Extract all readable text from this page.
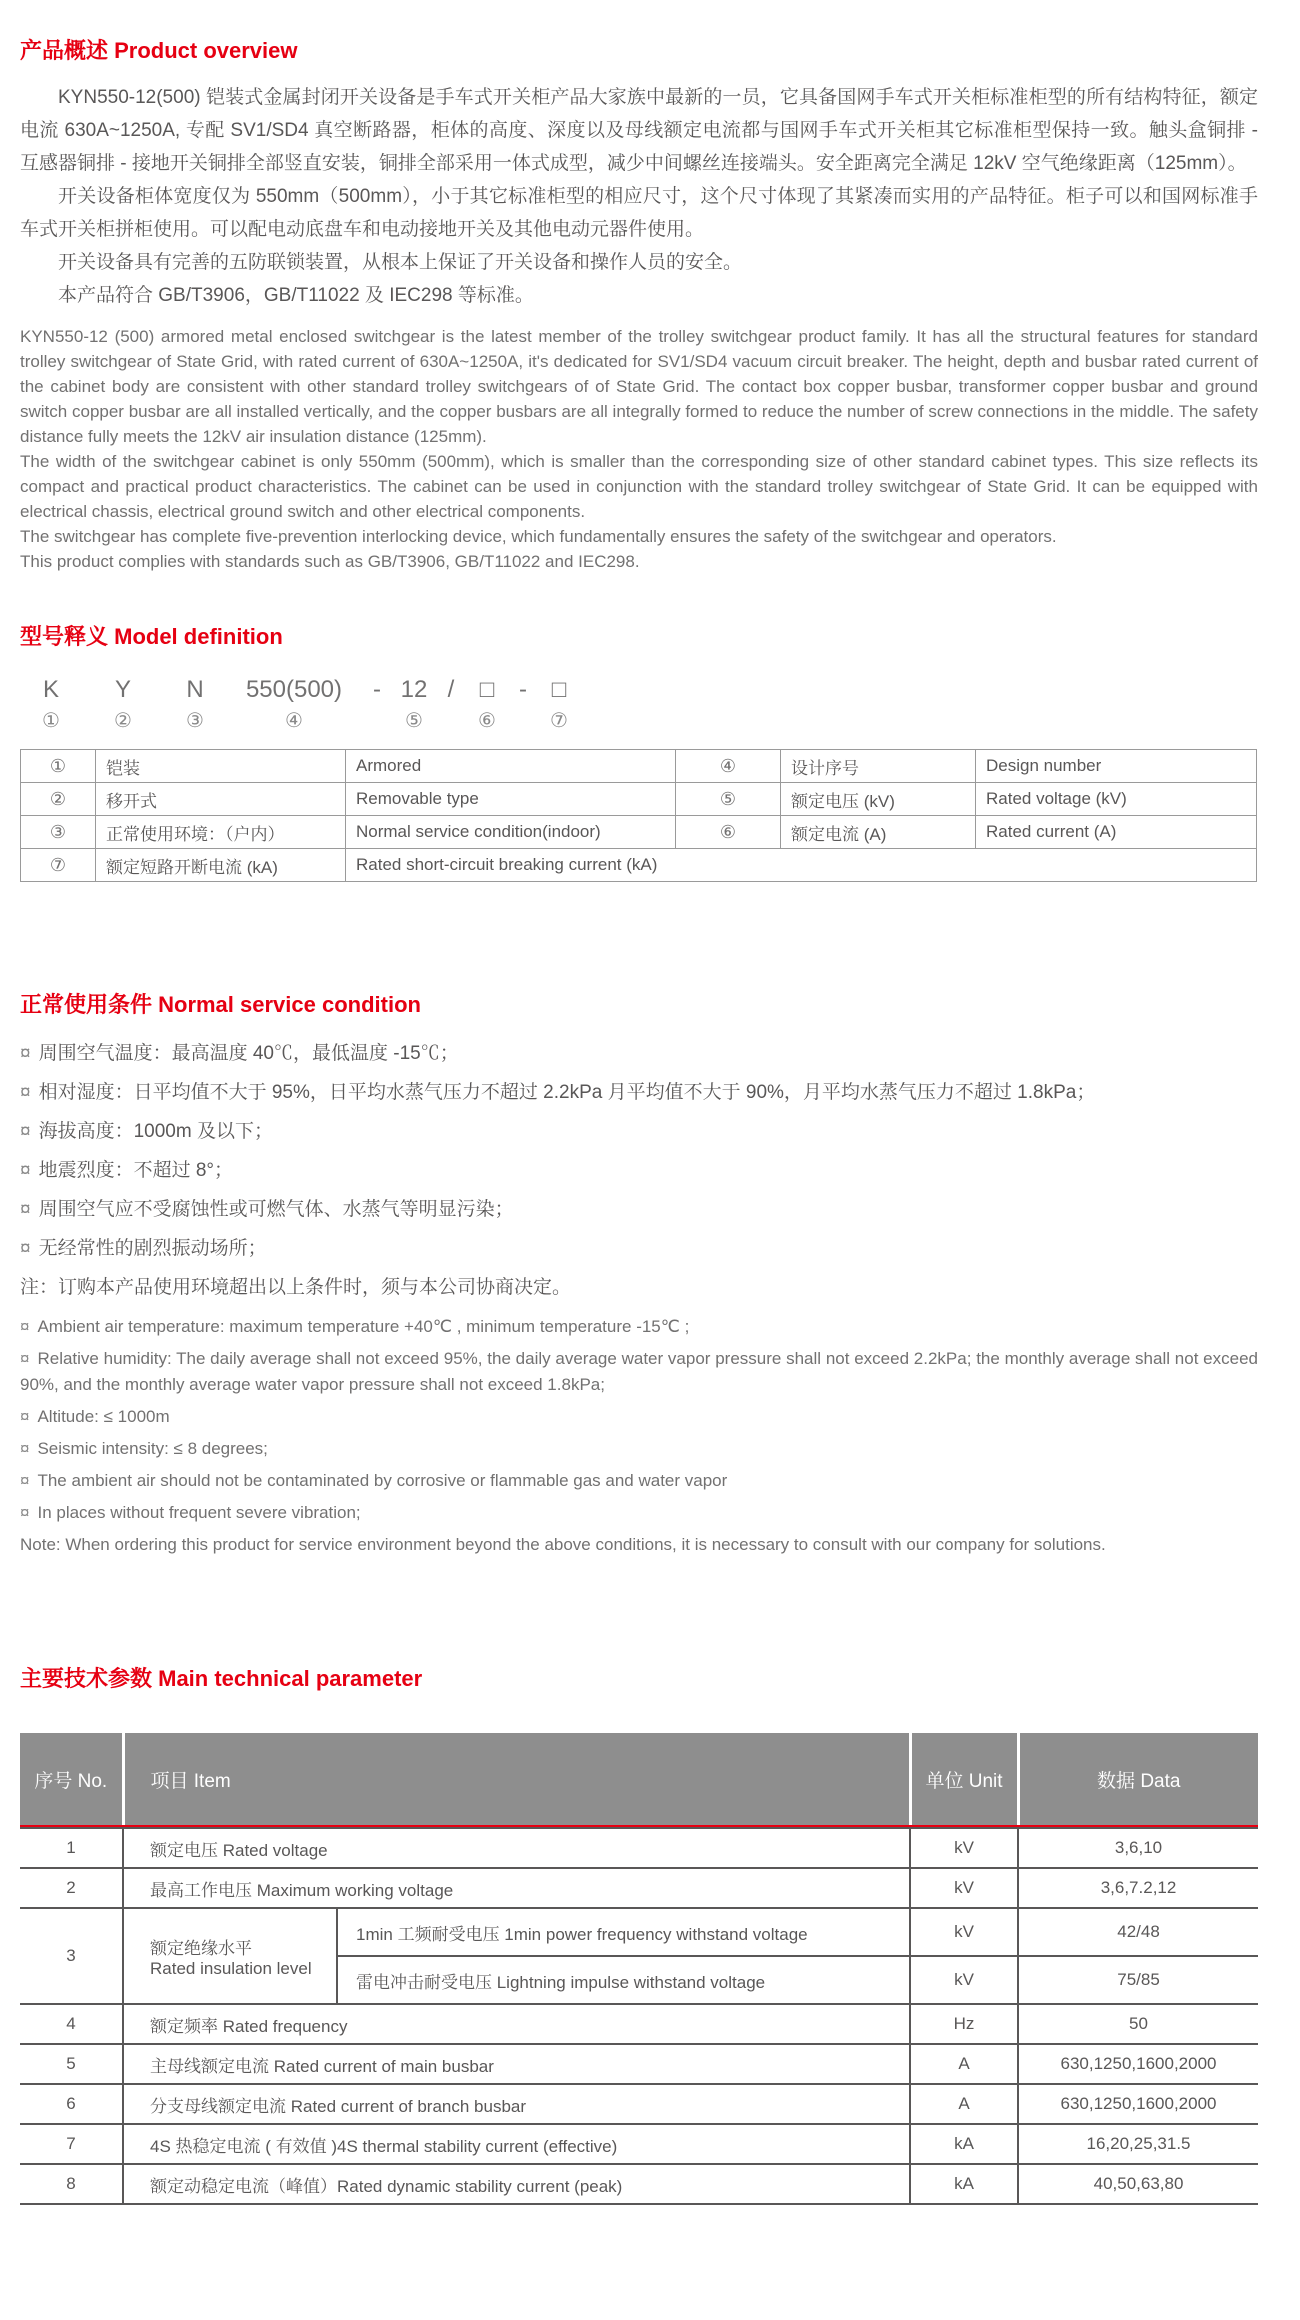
产品概述 Product overview

KYN550-12(500) 铠装式金属封闭开关设备是手车式开关柜产品大家族中最新的一员，它具备国网手车式开关柜标准柜型的所有结构特征，额定电流 630A~1250A, 专配 SV1/SD4 真空断路器，柜体的高度、深度以及母线额定电流都与国网手车式开关柜其它标准柜型保持一致。触头盒铜排 - 互感器铜排 - 接地开关铜排全部竖直安装，铜排全部采用一体式成型，减少中间螺丝连接端头。安全距离完全满足 12kV 空气绝缘距离（125mm）。

开关设备柜体宽度仅为 550mm（500mm），小于其它标准柜型的相应尺寸，这个尺寸体现了其紧凑而实用的产品特征。柜子可以和国网标准手车式开关柜拼柜使用。可以配电动底盘车和电动接地开关及其他电动元器件使用。

开关设备具有完善的五防联锁装置，从根本上保证了开关设备和操作人员的安全。

本产品符合 GB/T3906，GB/T11022 及 IEC298 等标准。

KYN550-12 (500) armored metal enclosed switchgear is the latest member of the trolley switchgear product family. It has all the structural features for standard trolley switchgear of State Grid, with rated current of 630A~1250A, it's dedicated for SV1/SD4 vacuum circuit breaker. The height, depth and busbar rated current of the cabinet body are consistent with other standard trolley switchgears of of State Grid. The contact box copper busbar, transformer copper busbar and ground switch copper busbar are all installed vertically, and the copper busbars are all integrally formed to reduce the number of screw connections in the middle. The safety distance fully meets the 12kV air insulation distance (125mm).

The width of the switchgear cabinet is only 550mm (500mm), which is smaller than the corresponding size of other standard cabinet types. This size reflects its compact and practical product characteristics. The cabinet can be used in conjunction with the standard trolley switchgear of State Grid. It can be equipped with electrical chassis, electrical ground switch and other electrical components.

The switchgear has complete five-prevention interlocking device, which fundamentally ensures the safety of the switchgear and operators.

This product complies with standards such as GB/T3906, GB/T11022 and IEC298.

型号释义 Model definition
K
①
Y
②
N
③
550(500)
④
- 12
⑤
/ □
⑥
- □
⑦
①	铠装	Armored	④	设计序号	Design number
②	移开式	Removable type	⑤	额定电压 (kV)	Rated voltage (kV)
③	正常使用环境：（户内）	Normal service condition(indoor)	⑥	额定电流 (A)	Rated current (A)
⑦	额定短路开断电流 (kA)	Rated short-circuit breaking current (kA)			
正常使用条件 Normal service condition
¤ 周围空气温度：最高温度 40℃，最低温度 -15℃；
¤ 相对湿度：日平均值不大于 95%，日平均水蒸气压力不超过 2.2kPa 月平均值不大于 90%，月平均水蒸气压力不超过 1.8kPa；
¤ 海拔高度：1000m 及以下；
¤ 地震烈度：不超过 8°；
¤ 周围空气应不受腐蚀性或可燃气体、水蒸气等明显污染；
¤ 无经常性的剧烈振动场所；
注：订购本产品使用环境超出以上条件时，须与本公司协商决定。
¤ Ambient air temperature: maximum temperature +40℃ , minimum temperature -15℃ ;
¤ Relative humidity: The daily average shall not exceed 95%, the daily average water vapor pressure shall not exceed 2.2kPa; the monthly average shall not exceed 90%, and the monthly average water vapor pressure shall not exceed 1.8kPa;
¤ Altitude: ≤ 1000m
¤ Seismic intensity: ≤ 8 degrees;
¤ The ambient air should not be contaminated by corrosive or flammable gas and water vapor
¤ In places without frequent severe vibration;
Note: When ordering this product for service environment beyond the above conditions, it is necessary to consult with our company for solutions.
主要技术参数 Main technical parameter
序号 No.	项目 Item		单位 Unit	数据 Data

1	额定电压 Rated voltage		kV	3,6,10
2	最高工作电压 Maximum working voltage		kV	3,6,7.2,12
3	额定绝缘水平
Rated insulation level	1min 工频耐受电压 1min power frequency withstand voltage	kV	42/48
		雷电冲击耐受电压 Lightning impulse withstand voltage	kV	75/85
4	额定频率 Rated frequency		Hz	50
5	主母线额定电流 Rated current of main busbar		A	630,1250,1600,2000
6	分支母线额定电流 Rated current of branch busbar		A	630,1250,1600,2000
7	4S 热稳定电流 ( 有效值 )4S thermal stability current (effective)		kA	16,20,25,31.5
8	额定动稳定电流（峰值）Rated dynamic stability current (peak)		kA	40,50,63,80
